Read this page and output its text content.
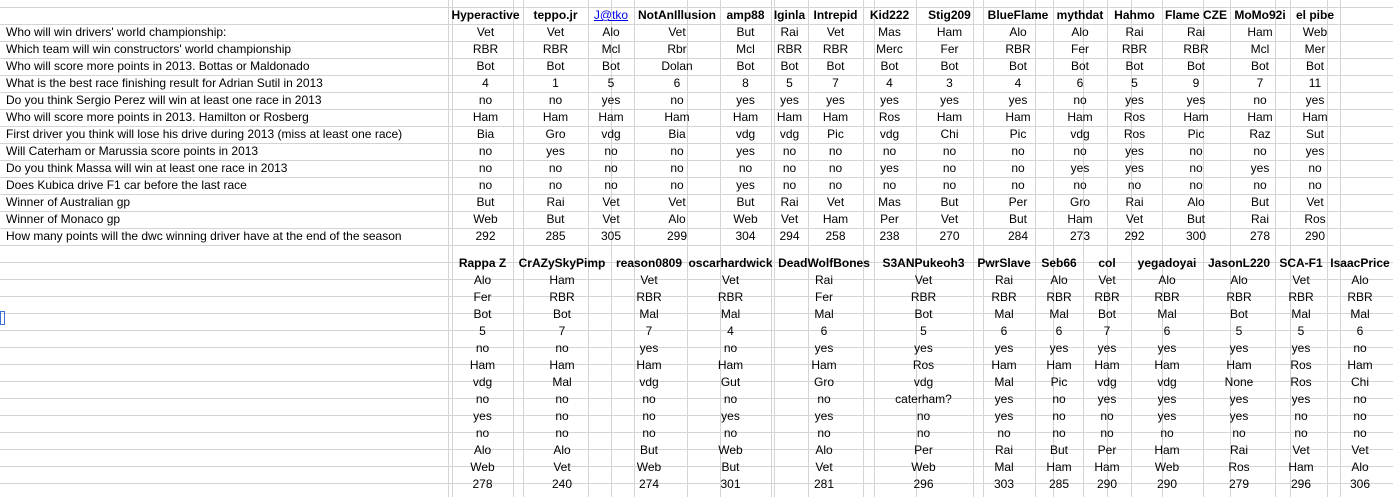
Who will win drivers' world championship:
Which team will win constructors' world championship
Who will score more points in 2013. Bottas or Maldonado
What is the best race finishing result for Adrian Sutil in 2013
Do you think Sergio Perez will win at least one race in 2013
Who will score more points in 2013. Hamilton or Rosberg
First driver you think will lose his drive during 2013 (miss at least one race)
Will Caterham or Marussia score points in 2013
Do you think Massa will win at least one race in 2013
Does Kubica drive F1 car before the last race
Winner of Australian gp
Winner of Monaco gp
How many points will the dwc winning driver have at the end of the season
Hyperactive
Vet
RBR
Bot
4
no
Ham
Bia
no
no
no
But
Web
292
teppo.jr
Vet
RBR
Bot
1
no
Ham
Gro
yes
no
no
Rai
But
285
J@tko
Alo
Mcl
Bot
5
yes
Ham
vdg
no
no
no
Vet
Vet
305
NotAnIllusion
Vet
Rbr
Dolan
6
no
Ham
Bia
no
no
no
Vet
Alo
299
amp88
But
Mcl
Bot
8
yes
Ham
vdg
yes
no
yes
But
Web
304
Iginla
Rai
RBR
Bot
5
yes
Ham
vdg
no
no
no
Rai
Vet
294
Intrepid
Vet
RBR
Bot
7
yes
Ham
Pic
no
no
no
Vet
Ham
258
Kid222
Mas
Merc
Bot
4
yes
Ros
vdg
no
yes
no
Mas
Per
238
Stig209
Ham
Fer
Bot
3
yes
Ham
Chi
no
no
no
But
Vet
270
BlueFlame
Alo
RBR
Bot
4
yes
Ham
Pic
no
no
no
Per
But
284
mythdat
Alo
Fer
Bot
6
no
Ham
vdg
no
yes
no
Gro
Ham
273
Hahmo
Rai
RBR
Bot
5
yes
Ros
Ros
yes
yes
no
Rai
Vet
292
Flame CZE
Rai
RBR
Bot
9
yes
Ham
Pic
no
no
no
Alo
But
300
MoMo92i
Ham
Mcl
Bot
7
no
Ham
Raz
no
yes
no
But
Rai
278
el pibe
Web
Mer
Bot
11
yes
Ham
Sut
yes
no
no
Vet
Ros
290
Rappa Z
Alo
Fer
Bot
5
no
Ham
vdg
no
yes
no
Alo
Web
278
CrAZySkyPimp
Ham
RBR
Bot
7
no
Ham
Mal
no
no
no
Alo
Vet
240
reason0809
Vet
RBR
Mal
7
yes
Ham
vdg
no
no
no
But
Web
274
oscarhardwick
Vet
RBR
Mal
4
no
Ham
Gut
no
yes
no
Web
But
301
DeadWolfBones
Rai
Fer
Mal
6
yes
Ham
Gro
no
yes
no
Alo
Vet
281
S3ANPukeoh3
Vet
RBR
Bot
5
yes
Ros
vdg
caterham?
no
no
Per
Web
296
PwrSlave
Rai
RBR
Mal
6
yes
Ham
Mal
yes
yes
no
Rai
Mal
303
Seb66
Alo
RBR
Mal
6
yes
Ham
Pic
no
no
no
But
Ham
285
col
Vet
RBR
Bot
7
yes
Ham
vdg
yes
no
no
Per
Ham
290
yegadoyai
Alo
RBR
Mal
6
yes
Ham
vdg
yes
yes
no
Ham
Web
290
JasonL220
Alo
RBR
Bot
5
yes
Ham
None
yes
yes
no
Rai
Ros
279
SCA-F1
Vet
RBR
Mal
5
yes
Ros
Ros
yes
no
no
Vet
Ham
296
IsaacPrice
Alo
RBR
Mal
6
no
Ham
Chi
no
no
no
Vet
Alo
306
